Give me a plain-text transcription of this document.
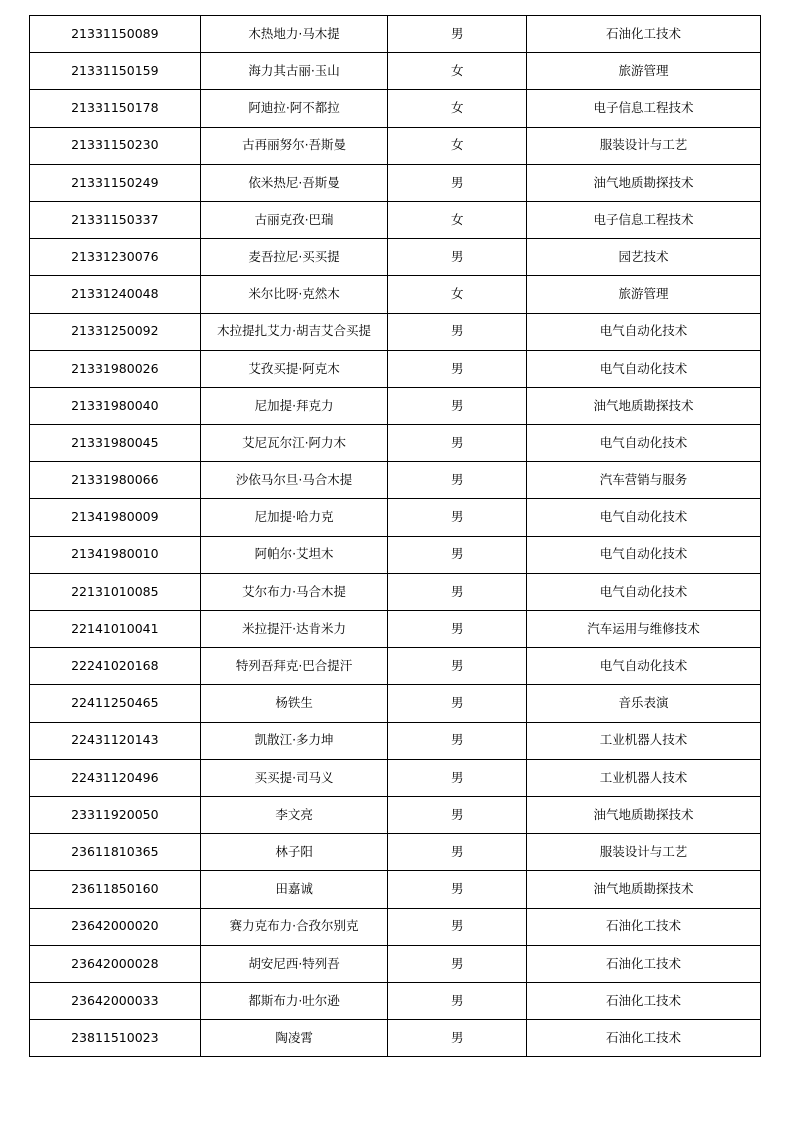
21331150089	木热地力·马木提	男	石油化工技术
21331150159	海力其古丽·玉山	女	旅游管理
21331150178	阿迪拉·阿不都拉	女	电子信息工程技术
21331150230	古再丽努尔·吾斯曼	女	服装设计与工艺
21331150249	依米热尼·吾斯曼	男	油气地质勘探技术
21331150337	古丽克孜·巴瑞	女	电子信息工程技术
21331230076	麦吾拉尼·买买提	男	园艺技术
21331240048	米尔比呀·克然木	女	旅游管理
21331250092	木拉提扎艾力·胡吉艾合买提	男	电气自动化技术
21331980026	艾孜买提·阿克木	男	电气自动化技术
21331980040	尼加提·拜克力	男	油气地质勘探技术
21331980045	艾尼瓦尔江·阿力木	男	电气自动化技术
21331980066	沙依马尔旦·马合木提	男	汽车营销与服务
21341980009	尼加提·哈力克	男	电气自动化技术
21341980010	阿帕尔·艾坦木	男	电气自动化技术
22131010085	艾尔布力·马合木提	男	电气自动化技术
22141010041	米拉提汗·达肯米力	男	汽车运用与维修技术
22241020168	特列吾拜克·巴合提汗	男	电气自动化技术
22411250465	杨铁生	男	音乐表演
22431120143	凯散江·多力坤	男	工业机器人技术
22431120496	买买提·司马义	男	工业机器人技术
23311920050	李文亮	男	油气地质勘探技术
23611810365	林子阳	男	服装设计与工艺
23611850160	田嘉诚	男	油气地质勘探技术
23642000020	赛力克布力·合孜尔别克	男	石油化工技术
23642000028	胡安尼西·特列吾	男	石油化工技术
23642000033	都斯布力·吐尔逊	男	石油化工技术
23811510023	陶凌霄	男	石油化工技术
